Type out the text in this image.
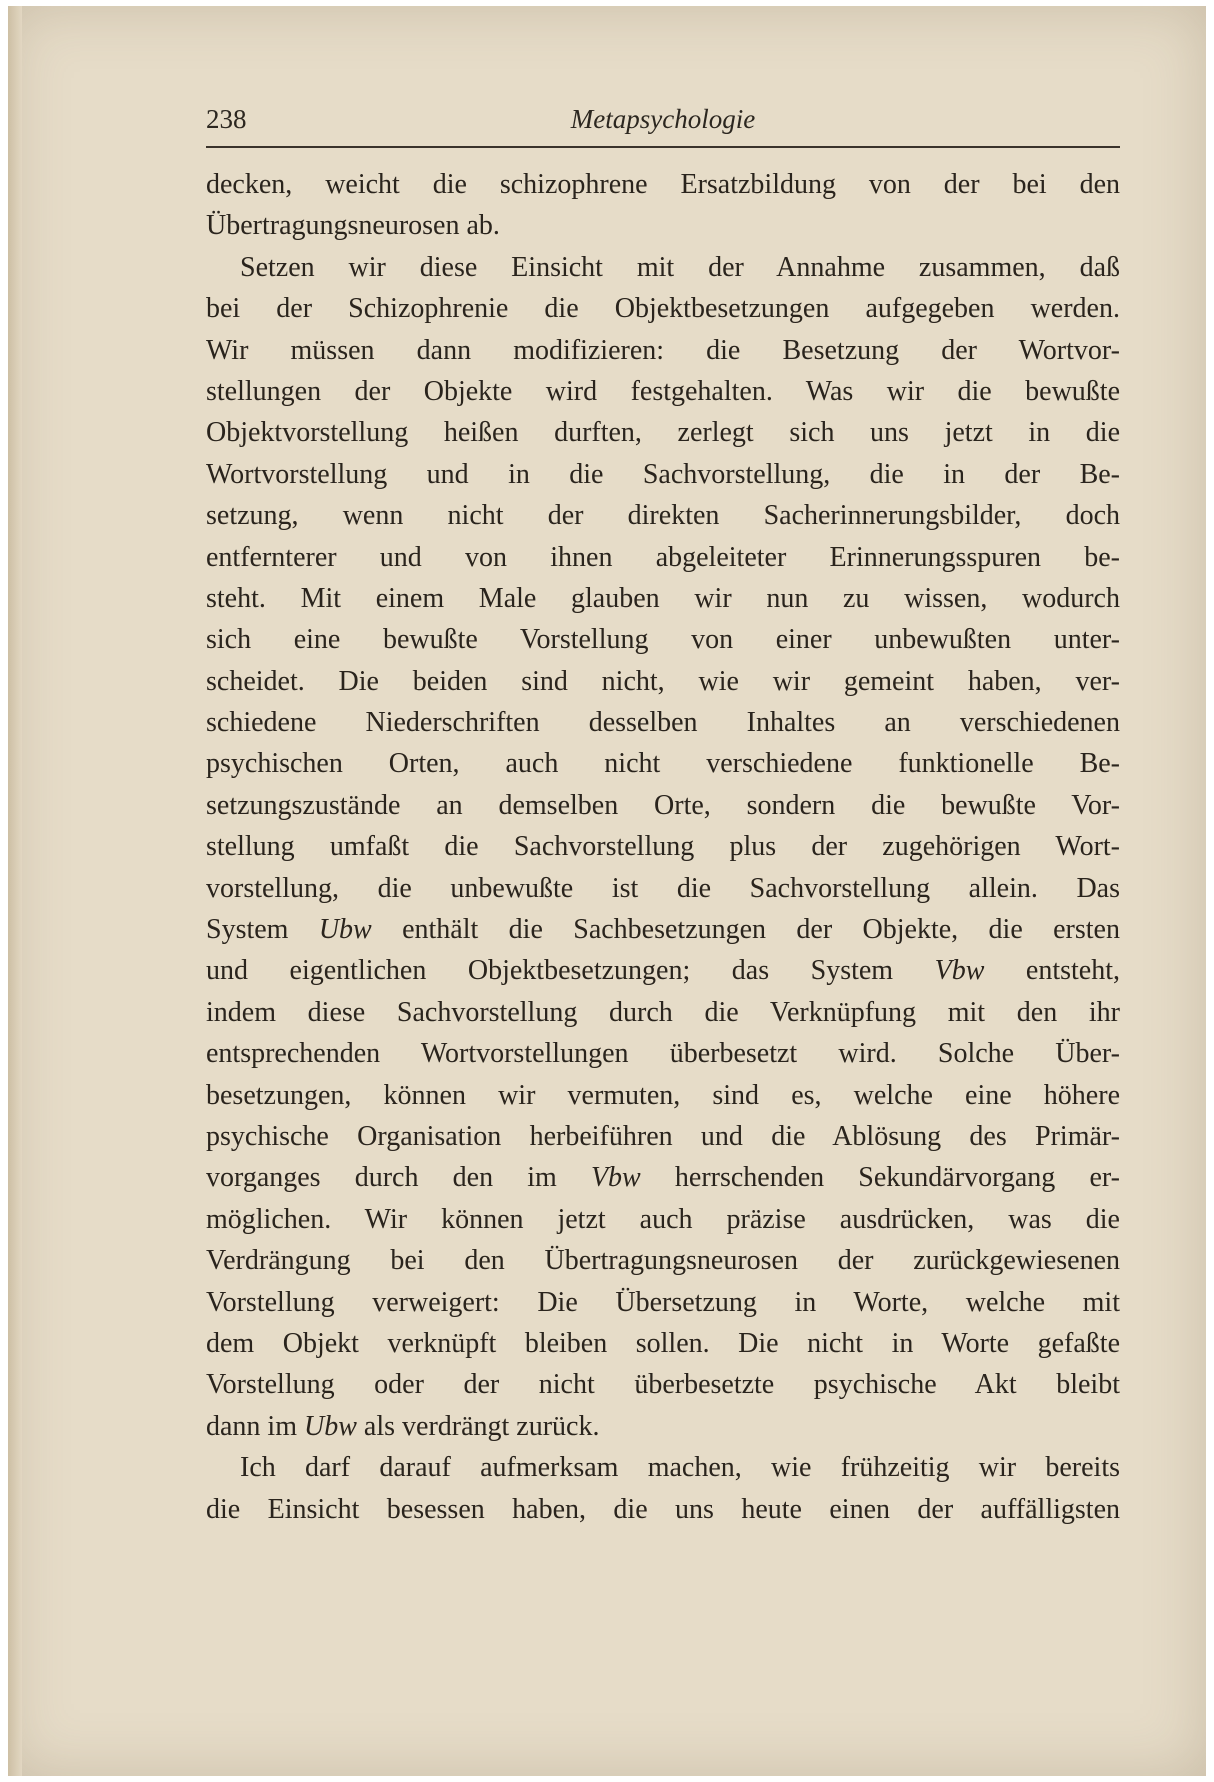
238	Metapsychologie
decken, weicht die schizophrene Ersatzbildung von der bei den
Übertragungsneurosen ab.
Setzen wir diese Einsicht mit der Annahme zusammen, daß
bei der Schizophrenie die Objektbesetzungen aufgegeben werden.
Wir müssen dann modifizieren: die Besetzung der Wortvor-
stellungen der Objekte wird festgehalten. Was wir die bewußte
Objektvorstellung heißen durften, zerlegt sich uns jetzt in die
Wortvorstellung und in die Sachvorstellung, die in der Be-
setzung, wenn nicht der direkten Sacherinnerungsbilder, doch
entfernterer und von ihnen abgeleiteter Erinnerungsspuren be-
steht. Mit einem Male glauben wir nun zu wissen, wodurch
sich eine bewußte Vorstellung von einer unbewußten unter-
scheidet. Die beiden sind nicht, wie wir gemeint haben, ver-
schiedene Niederschriften desselben Inhaltes an verschiedenen
psychischen Orten, auch nicht verschiedene funktionelle Be-
setzungszustände an demselben Orte, sondern die bewußte Vor-
stellung umfaßt die Sachvorstellung plus der zugehörigen Wort-
vorstellung, die unbewußte ist die Sachvorstellung allein. Das
System Ubw enthält die Sachbesetzungen der Objekte, die ersten
und eigentlichen Objektbesetzungen; das System Vbw entsteht,
indem diese Sachvorstellung durch die Verknüpfung mit den ihr
entsprechenden Wortvorstellungen überbesetzt wird. Solche Über-
besetzungen, können wir vermuten, sind es, welche eine höhere
psychische Organisation herbeiführen und die Ablösung des Primär-
vorganges durch den im Vbw herrschenden Sekundärvorgang er-
möglichen. Wir können jetzt auch präzise ausdrücken, was die
Verdrängung bei den Übertragungsneurosen der zurückgewiesenen
Vorstellung verweigert: Die Übersetzung in Worte, welche mit
dem Objekt verknüpft bleiben sollen. Die nicht in Worte gefaßte
Vorstellung oder der nicht überbesetzte psychische Akt bleibt
dann im Ubw als verdrängt zurück.
Ich darf darauf aufmerksam machen, wie frühzeitig wir bereits
die Einsicht besessen haben, die uns heute einen der auffälligsten
